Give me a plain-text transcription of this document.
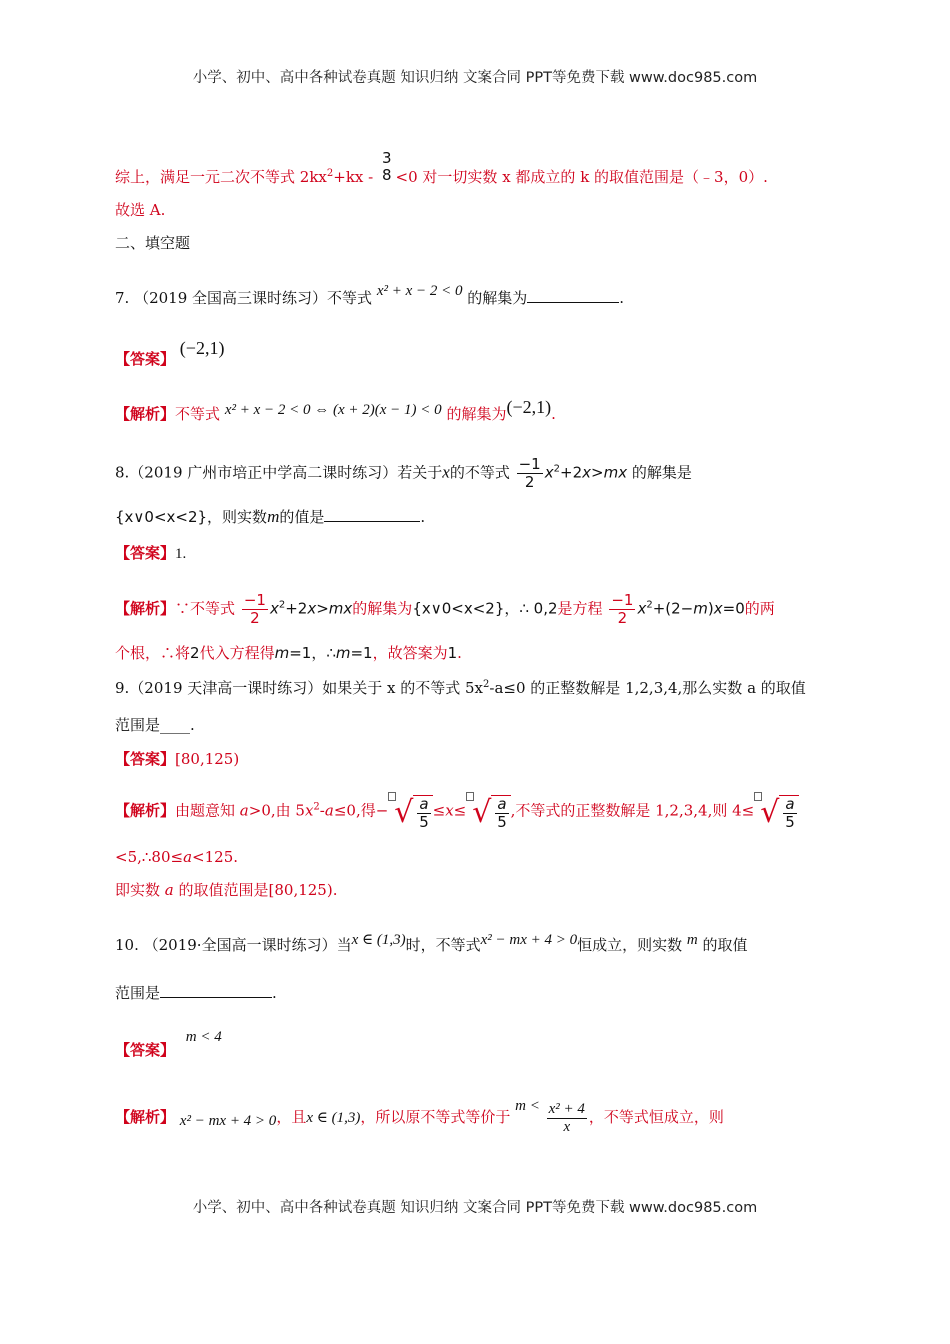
小学、初中、高中各种试卷真题 知识归纳 文案合同 PPT等免费下载 www.doc985.com
综上，满足一元二次不等式 $2kx^2+kx$ -
3
8 <0 对一切实数 x 都成立的 k 的取值范围是（﹣3，0）.
故选 A.
二、填空题
7. （2019 全国高三课时练习）不等式 x² + x − 2 < 0 的解集为	.
【答案】 (−2,1)
【解析】不等式 x² + x − 2 < 0 ⇔ (x + 2)(x − 1) < 0 的解集为(−2,1).
8.（2019 广州市培正中学高二课时练习）若关于x的不等式 $\frac{-1}{2} x^2+2x>mx$ 的解集是
{x∨0<x<2}，则实数m的值是	.
【答案】1.
【解析】∵不等式 $\frac{-1}{2} x^2+2x>mx$的解集为{x∨0<x<2}，∴ 0,2是方程 $\frac{-1}{2} x^2+(2-m)x=0$的两
个根，∴将2代入方程得m=1，∴m=1，故答案为1.
9.（2019 天津高一课时练习）如果关于 x 的不等式 $5x^2-a\le 0$ 的正整数解是 1,2,3,4,那么实数 a 的取值
范围是____.
【答案】[80,125)
【解析】由题意知 a>0,由 $5x^2-a\le 0$,得− √ $\frac{a}{5} \le x\le$ √ $\frac{a}{5}$ ,不等式的正整数解是 1,2,3,4,则 4≤ √ $\frac{a}{5}$
<5,∴80≤a<125.
即实数 a 的取值范围是[80,125).
10. （2019·全国高一课时练习）当x ∈ (1,3)时，不等式x² − mx + 4 > 0恒成立，则实数 m 的取值
范围是	.
【答案】 m < 4
【解析】 x² − mx + 4 > 0，且x ∈ (1,3)，所以原不等式等价于 $m < \frac{\text{x² + 4}}{x}$ ，不等式恒成立，则
小学、初中、高中各种试卷真题 知识归纳 文案合同 PPT等免费下载 www.doc985.com
